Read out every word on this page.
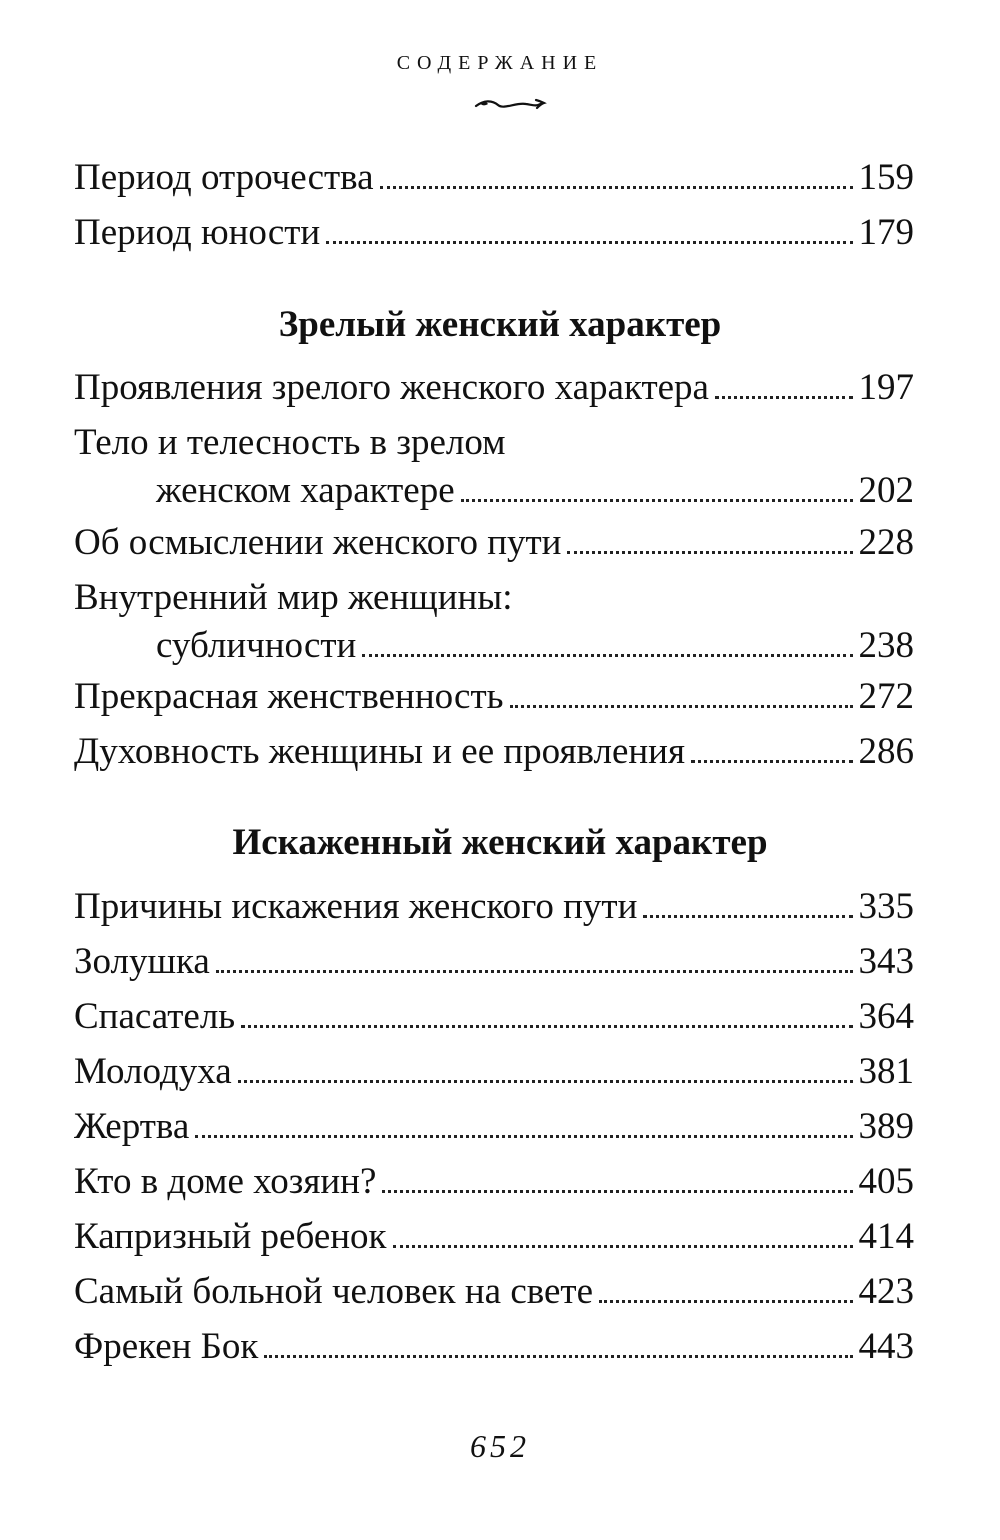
СОДЕРЖАНИЕ
Период отрочества	159
Период юности	179
Зрелый женский характер
Проявления зрелого женского характера	197
Тело и телесность в зрелом
женском характере	202
Об осмыслении женского пути	228
Внутренний мир женщины:
субличности	238
Прекрасная женственность	272
Духовность женщины и ее проявления	286
Искаженный женский характер
Причины искажения женского пути	335
Золушка	343
Спасатель	364
Молодуха	381
Жертва	389
Кто в доме хозяин?	405
Капризный ребенок	414
Самый больной человек на свете	423
Фрекен Бок	443
652
